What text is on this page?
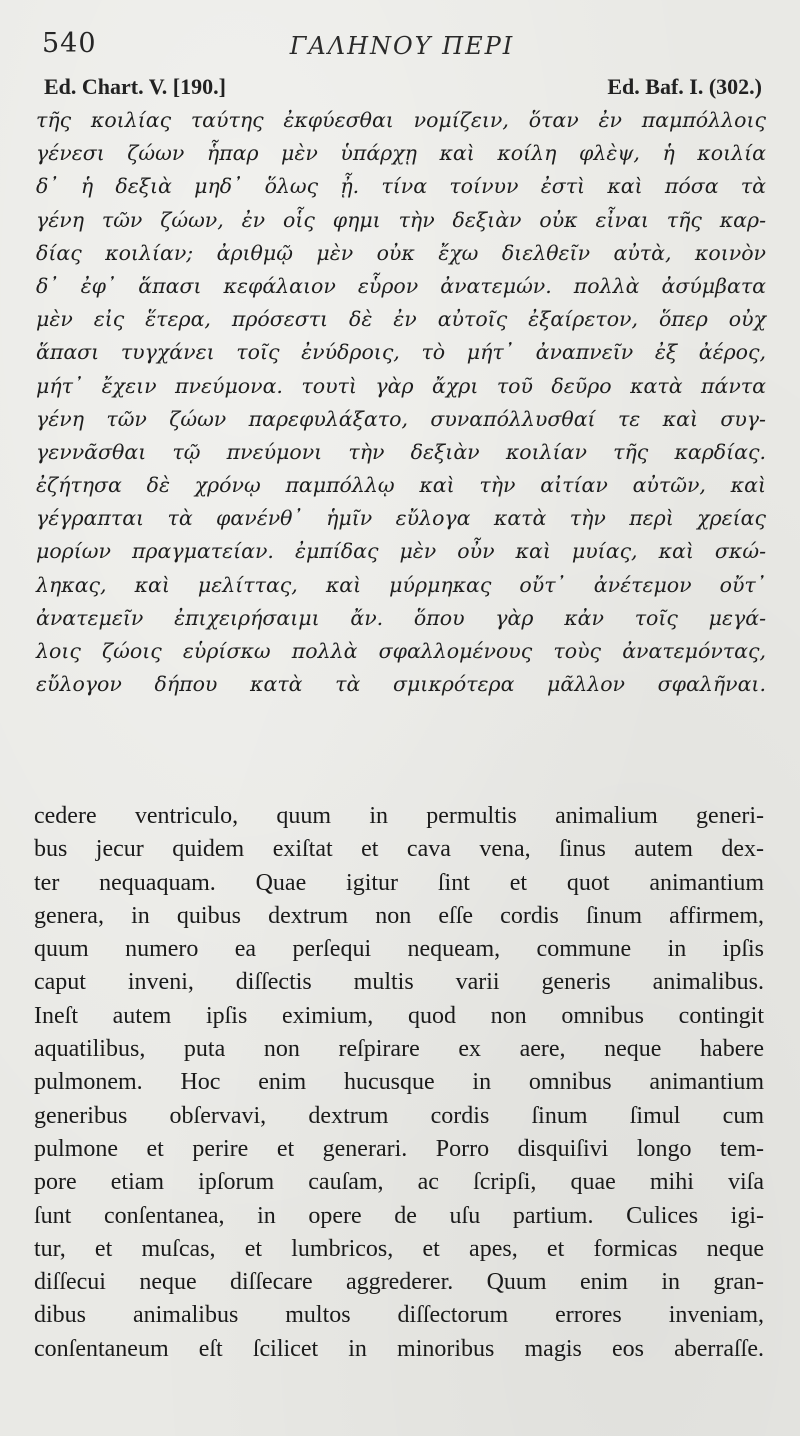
540	ΓΑΛΗΝΟΥ ΠΕΡΙ
Ed. Chart. V. [190.]	Ed. Baf. I. (302.)
τῆς κοιλίας ταύτης ἐκφύεσθαι νομίζειν, ὅταν ἐν παμπόλλοις
γένεσι ζώων ἧπαρ μὲν ὑπάρχῃ καὶ κοίλη φλὲψ, ἡ κοιλία
δ᾽ ἡ δεξιὰ μηδ᾽ ὅλως ᾖ. τίνα τοίνυν ἐστὶ καὶ πόσα τὰ
γένη τῶν ζώων, ἐν οἷς φημι τὴν δεξιὰν οὐκ εἶναι τῆς καρ-
δίας κοιλίαν; ἀριθμῷ μὲν οὐκ ἔχω διελθεῖν αὐτὰ, κοινὸν
δ᾽ ἐφ᾽ ἅπασι κεφάλαιον εὗρον ἀνατεμών. πολλὰ ἀσύμβατα
μὲν εἰς ἕτερα, πρόσεστι δὲ ἐν αὐτοῖς ἐξαίρετον, ὅπερ οὐχ
ἅπασι τυγχάνει τοῖς ἐνύδροις, τὸ μήτ᾽ ἀναπνεῖν ἐξ ἀέρος,
μήτ᾽ ἔχειν πνεύμονα. τουτὶ γὰρ ἄχρι τοῦ δεῦρο κατὰ πάντα
γένη τῶν ζώων παρεφυλάξατο, συναπόλλυσθαί τε καὶ συγ-
γεννᾶσθαι τῷ πνεύμονι τὴν δεξιὰν κοιλίαν τῆς καρδίας.
ἐζήτησα δὲ χρόνῳ παμπόλλῳ καὶ τὴν αἰτίαν αὐτῶν, καὶ
γέγραπται τὰ φανένθ᾽ ἡμῖν εὔλογα κατὰ τὴν περὶ χρείας
μορίων πραγματείαν. ἐμπίδας μὲν οὖν καὶ μυίας, καὶ σκώ-
ληκας, καὶ μελίττας, καὶ μύρμηκας οὔτ᾽ ἀνέτεμον οὔτ᾽
ἀνατεμεῖν ἐπιχειρήσαιμι ἄν. ὅπου γὰρ κἀν τοῖς μεγά-
λοις ζώοις εὑρίσκω πολλὰ σφαλλομένους τοὺς ἀνατεμόντας,
εὔλογον δήπου κατὰ τὰ σμικρότερα μᾶλλον σφαλῆναι.
cedere ventriculo, quum in permultis animalium generi-
bus jecur quidem exiſtat et cava vena, ſinus autem dex-
ter nequaquam. Quae igitur ſint et quot animantium
genera, in quibus dextrum non eſſe cordis ſinum affirmem,
quum numero ea perſequi nequeam, commune in ipſis
caput inveni, diſſectis multis varii generis animalibus.
Ineſt autem ipſis eximium, quod non omnibus contingit
aquatilibus, puta non reſpirare ex aere, neque habere
pulmonem. Hoc enim hucusque in omnibus animantium
generibus obſervavi, dextrum cordis ſinum ſimul cum
pulmone et perire et generari. Porro disquiſivi longo tem-
pore etiam ipſorum cauſam, ac ſcripſi, quae mihi viſa
ſunt conſentanea, in opere de uſu partium. Culices igi-
tur, et muſcas, et lumbricos, et apes, et formicas neque
diſſecui neque diſſecare aggrederer. Quum enim in gran-
dibus animalibus multos diſſectorum errores inveniam,
conſentaneum eſt ſcilicet in minoribus magis eos aberraſſe.
